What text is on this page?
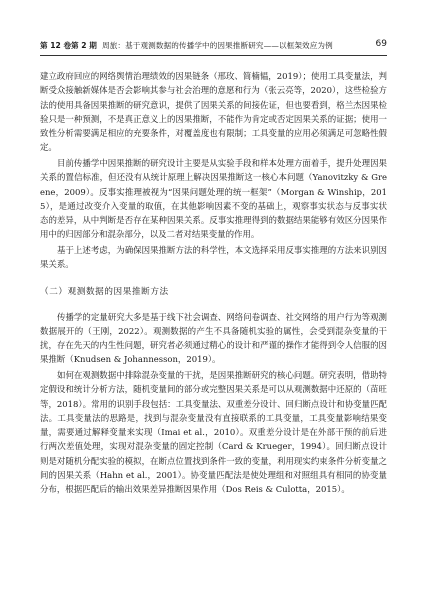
第 12 卷第 2 期 周旅：基于观测数据的传播学中的因果推断研究——以框架效应为例	69

建立政府回应的网络舆情治理绩效的因果链条（邢玫、简楠韫，2019）；使用工具变量法，判断受众接触新媒体是否会影响其参与社会治理的意愿和行为（张云亮等，2020），这些检验方法的使用具备因果推断的研究意识，提供了因果关系的间接佐证，但也要看到，格兰杰因果检验只是一种预测，不是真正意义上的因果推断，不能作为肯定或否定因果关系的证据；使用一致性分析需要满足相应的充要条件，对覆盖度也有限制；工具变量的应用必须满足可忽略性假定。

目前传播学中因果推断的研究设计主要是从实验手段和样本处理方面着手，提升处理因果关系的置信标准，但还没有从统计原理上解决因果推断这一核心本问题（Yanovitzky & Greene，2009）。反事实推理被视为“因果问题处理的统一框架”（Morgan & Winship，2015），是通过改变介入变量的取值，在其他影响因素不变的基础上，观察事实状态与反事实状态的差异，从中判断是否存在某种因果关系。反事实推理得到的数据结果能够有效区分因果作用中的归因部分和混杂部分，以及二者对结果变量的作用。

基于上述考虑，为确保因果推断方法的科学性，本文选择采用反事实推理的方法来识别因果关系。

（二）观测数据的因果推断方法

传播学的定量研究大多是基于线下社会调查、网络问卷调查、社交网络的用户行为等观测数据展开的（王刚，2022）。观测数据的产生不具备随机实验的属性，会受到混杂变量的干扰，存在先天的内生性问题，研究者必须通过精心的设计和严谨的操作才能得到令人信服的因果推断（Knudsen & Johannesson，2019）。

如何在观测数据中排除混杂变量的干扰，是因果推断研究的核心问题。研究表明，借助特定假设和统计分析方法，随机变量间的部分或完整因果关系是可以从观测数据中还原的（苗旺等，2018）。常用的识别手段包括：工具变量法、双重差分设计、回归断点设计和协变量匹配法。工具变量法的思路是，找到与混杂变量没有直接联系的工具变量，工具变量影响结果变量，需要通过解释变量来实现（Imai et al.，2010）。双重差分设计是在外部干预的前后进行两次差值处理，实现对混杂变量的固定控制（Card & Krueger，1994）。回归断点设计则是对随机分配实验的模拟，在断点位置找到条件一致的变量，利用现实约束条件分析变量之间的因果关系（Hahn et al.，2001）。协变量匹配法是使处理组和对照组具有相同的协变量分布，根据匹配后的输出效果差异推断因果作用（Dos Reis & Culotta，2015）。
